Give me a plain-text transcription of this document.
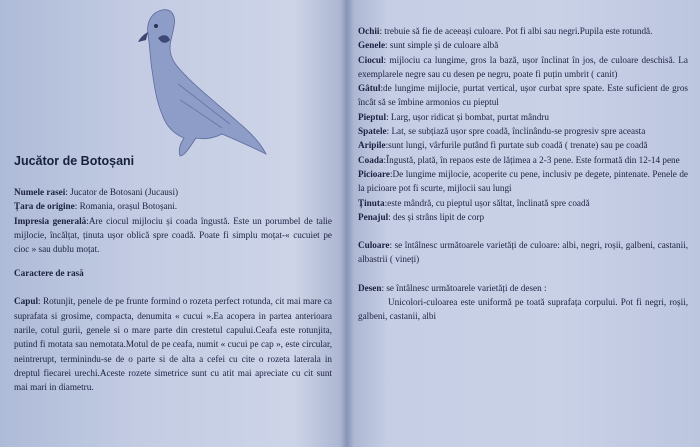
Jucător de Botoșani

Numele rasei: Jucator de Botosani (Jucausi)

Țara de origine: Romania, orașul Botoșani.

Impresia generală:Are ciocul mijlociu și coada îngustă. Este un porumbel de talie mijlocie, încălțat, ținuta ușor oblică spre coadă. Poate fi simplu moțat-« cucuiet pe cioc » sau dublu moțat.

Caractere de rasă

Capul: Rotunjit, penele de pe frunte formind o rozeta perfect rotunda, cit mai mare ca suprafata si grosime, compacta, denumita « cucui ».Ea acopera in partea anterioara narile, cotul gurii, genele si o mare parte din crestetul capului.Ceafa este rotunjita, putind fi motata sau nemotata.Motul de pe ceafa, numit « cucui pe cap », este circular, neintrerupt, terminindu-se de o parte si de alta a cefei cu cite o rozeta laterala in dreptul fiecarei urechi.Aceste rozete simetrice sunt cu atit mai apreciate cu cit sunt mai mari in diametru.

Ochii: trebuie să fie de aceeași culoare. Pot fi albi sau negri.Pupila este rotundă.

Genele: sunt simple și de culoare albă

Ciocul: mijlociu ca lungime, gros la bază, ușor înclinat în jos, de culoare deschisă. La exemplarele negre sau cu desen pe negru, poate fi puțin umbrit ( canit)

Gâtul:de lungime mijlocie, purtat vertical, ușor curbat spre spate. Este suficient de gros încât să se îmbine armonios cu pieptul

Pieptul: Larg, ușor ridicat și bombat, purtat mândru

Spatele: Lat, se subțiază ușor spre coadă, înclinându-se progresiv spre aceasta

Aripile:sunt lungi, vârfurile putând fi purtate sub coadă ( trenate) sau pe coadă

Coada:Îngustă, plată, în repaos este de lățimea a 2-3 pene. Este formată din 12-14 pene

Picioare:De lungime mijlocie, acoperite cu pene, inclusiv pe degete, pintenate. Penele de la picioare pot fi scurte, mijlocii sau lungi

Ținuta:este mândră, cu pieptul ușor săltat, înclinată spre coadă

Penajul: des și strâns lipit de corp

Culoare: se întâlnesc următoarele varietăți de culoare: albi, negri, roșii, galbeni, castanii, albastrii ( vineți)

Desen: se întâlnesc următoarele varietăți de desen :

Unicolori-culoarea este uniformă pe toată suprafața corpului. Pot fi negri, roșii, galbeni, castanii, albi
